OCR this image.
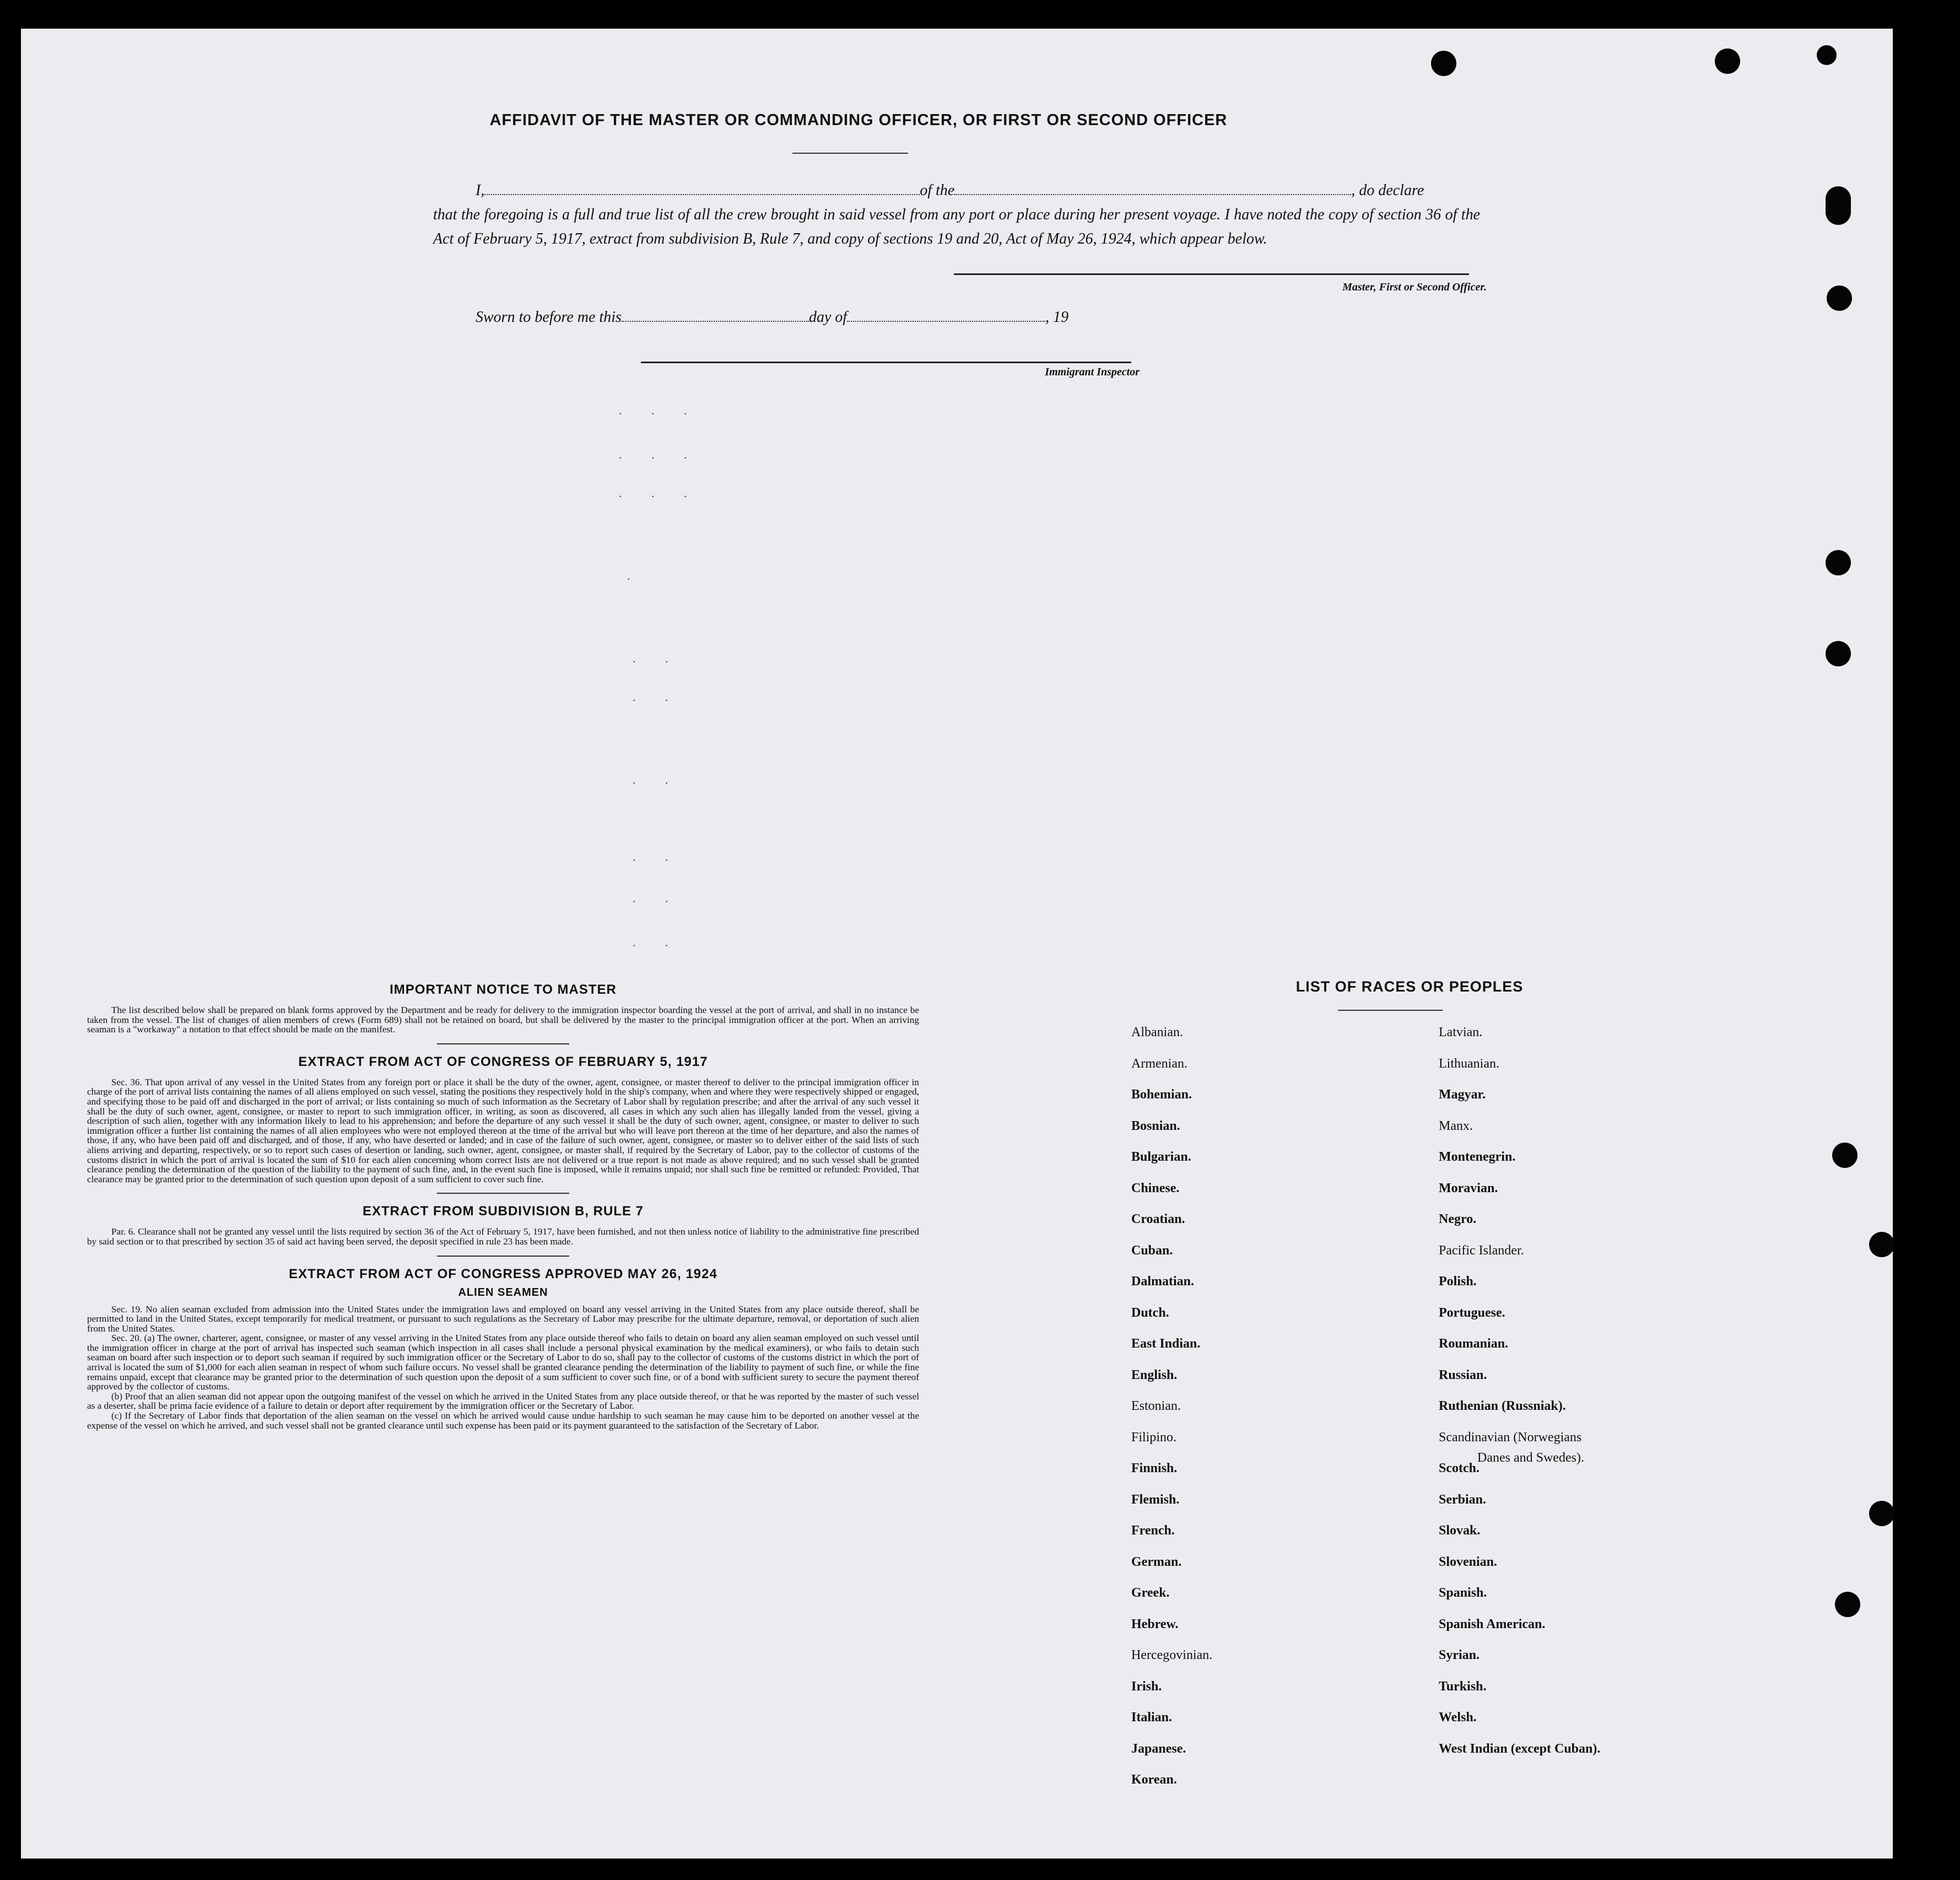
AFFIDAVIT OF THE MASTER OR COMMANDING OFFICER, OR FIRST OR SECOND OFFICER
I,	of the	, do declare
that the foregoing is a full and true list of all the crew brought in said vessel from any port or place during her present voyage. I have noted the copy of section 36 of the Act of February 5, 1917, extract from subdivision B, Rule 7, and copy of sections 19 and 20, Act of May 26, 1924, which appear below.
Master, First or Second Officer.
Sworn to before me this	day of	, 19
Immigrant Inspector
. . .
. . .
. . .
.
. .
. .
. .
. .
. .
. .

IMPORTANT NOTICE TO MASTER

The list described below shall be prepared on blank forms approved by the Department and be ready for delivery to the immigration inspector boarding the vessel at the port of arrival, and shall in no instance be taken from the vessel. The list of changes of alien members of crews (Form 689) shall not be retained on board, but shall be delivered by the master to the principal immigration officer at the port. When an arriving seaman is a "workaway" a notation to that effect should be made on the manifest.

EXTRACT FROM ACT OF CONGRESS OF FEBRUARY 5, 1917

Sec. 36. That upon arrival of any vessel in the United States from any foreign port or place it shall be the duty of the owner, agent, consignee, or master thereof to deliver to the principal immigration officer in charge of the port of arrival lists containing the names of all aliens employed on such vessel, stating the positions they respectively hold in the ship's company, when and where they were respectively shipped or engaged, and specifying those to be paid off and discharged in the port of arrival; or lists containing so much of such information as the Secretary of Labor shall by regulation prescribe; and after the arrival of any such vessel it shall be the duty of such owner, agent, consignee, or master to report to such immigration officer, in writing, as soon as discovered, all cases in which any such alien has illegally landed from the vessel, giving a description of such alien, together with any information likely to lead to his apprehension; and before the departure of any such vessel it shall be the duty of such owner, agent, consignee, or master to deliver to such immigration officer a further list containing the names of all alien employees who were not employed thereon at the time of the arrival but who will leave port thereon at the time of her departure, and also the names of those, if any, who have been paid off and discharged, and of those, if any, who have deserted or landed; and in case of the failure of such owner, agent, consignee, or master so to deliver either of the said lists of such aliens arriving and departing, respectively, or so to report such cases of desertion or landing, such owner, agent, consignee, or master shall, if required by the Secretary of Labor, pay to the collector of customs of the customs district in which the port of arrival is located the sum of $10 for each alien concerning whom correct lists are not delivered or a true report is not made as above required; and no such vessel shall be granted clearance pending the determination of the question of the liability to the payment of such fine, and, in the event such fine is imposed, while it remains unpaid; nor shall such fine be remitted or refunded: Provided, That clearance may be granted prior to the determination of such question upon deposit of a sum sufficient to cover such fine.

EXTRACT FROM SUBDIVISION B, RULE 7

Par. 6. Clearance shall not be granted any vessel until the lists required by section 36 of the Act of February 5, 1917, have been furnished, and not then unless notice of liability to the administrative fine prescribed by said section or to that prescribed by section 35 of said act having been served, the deposit specified in rule 23 has been made.

EXTRACT FROM ACT OF CONGRESS APPROVED MAY 26, 1924

ALIEN SEAMEN

Sec. 19. No alien seaman excluded from admission into the United States under the immigration laws and employed on board any vessel arriving in the United States from any place outside thereof, shall be permitted to land in the United States, except temporarily for medical treatment, or pursuant to such regulations as the Secretary of Labor may prescribe for the ultimate departure, removal, or deportation of such alien from the United States.

Sec. 20. (a) The owner, charterer, agent, consignee, or master of any vessel arriving in the United States from any place outside thereof who fails to detain on board any alien seaman employed on such vessel until the immigration officer in charge at the port of arrival has inspected such seaman (which inspection in all cases shall include a personal physical examination by the medical examiners), or who fails to detain such seaman on board after such inspection or to deport such seaman if required by such immigration officer or the Secretary of Labor to do so, shall pay to the collector of customs of the customs district in which the port of arrival is located the sum of $1,000 for each alien seaman in respect of whom such failure occurs. No vessel shall be granted clearance pending the determination of the liability to payment of such fine, or while the fine remains unpaid, except that clearance may be granted prior to the determination of such question upon the deposit of a sum sufficient to cover such fine, or of a bond with sufficient surety to secure the payment thereof approved by the collector of customs.

(b) Proof that an alien seaman did not appear upon the outgoing manifest of the vessel on which he arrived in the United States from any place outside thereof, or that he was reported by the master of such vessel as a deserter, shall be prima facie evidence of a failure to detain or deport after requirement by the immigration officer or the Secretary of Labor.

(c) If the Secretary of Labor finds that deportation of the alien seaman on the vessel on which he arrived would cause undue hardship to such seaman he may cause him to be deported on another vessel at the expense of the vessel on which he arrived, and such vessel shall not be granted clearance until such expense has been paid or its payment guaranteed to the satisfaction of the Secretary of Labor.

LIST OF RACES OR PEOPLES
Danes and Swedes).
Albanian.
Armenian.
Bohemian.
Bosnian.
Bulgarian.
Chinese.
Croatian.
Cuban.
Dalmatian.
Dutch.
East Indian.
English.
Estonian.
Filipino.
Finnish.
Flemish.
French.
German.
Greek.
Hebrew.
Hercegovinian.
Irish.
Italian.
Japanese.
Korean.
Latvian.
Lithuanian.
Magyar.
Manx.
Montenegrin.
Moravian.
Negro.
Pacific Islander.
Polish.
Portuguese.
Roumanian.
Russian.
Ruthenian (Russniak).
Scandinavian (Norwegians
Scotch.
Serbian.
Slovak.
Slovenian.
Spanish.
Spanish American.
Syrian.
Turkish.
Welsh.
West Indian (except Cuban).
